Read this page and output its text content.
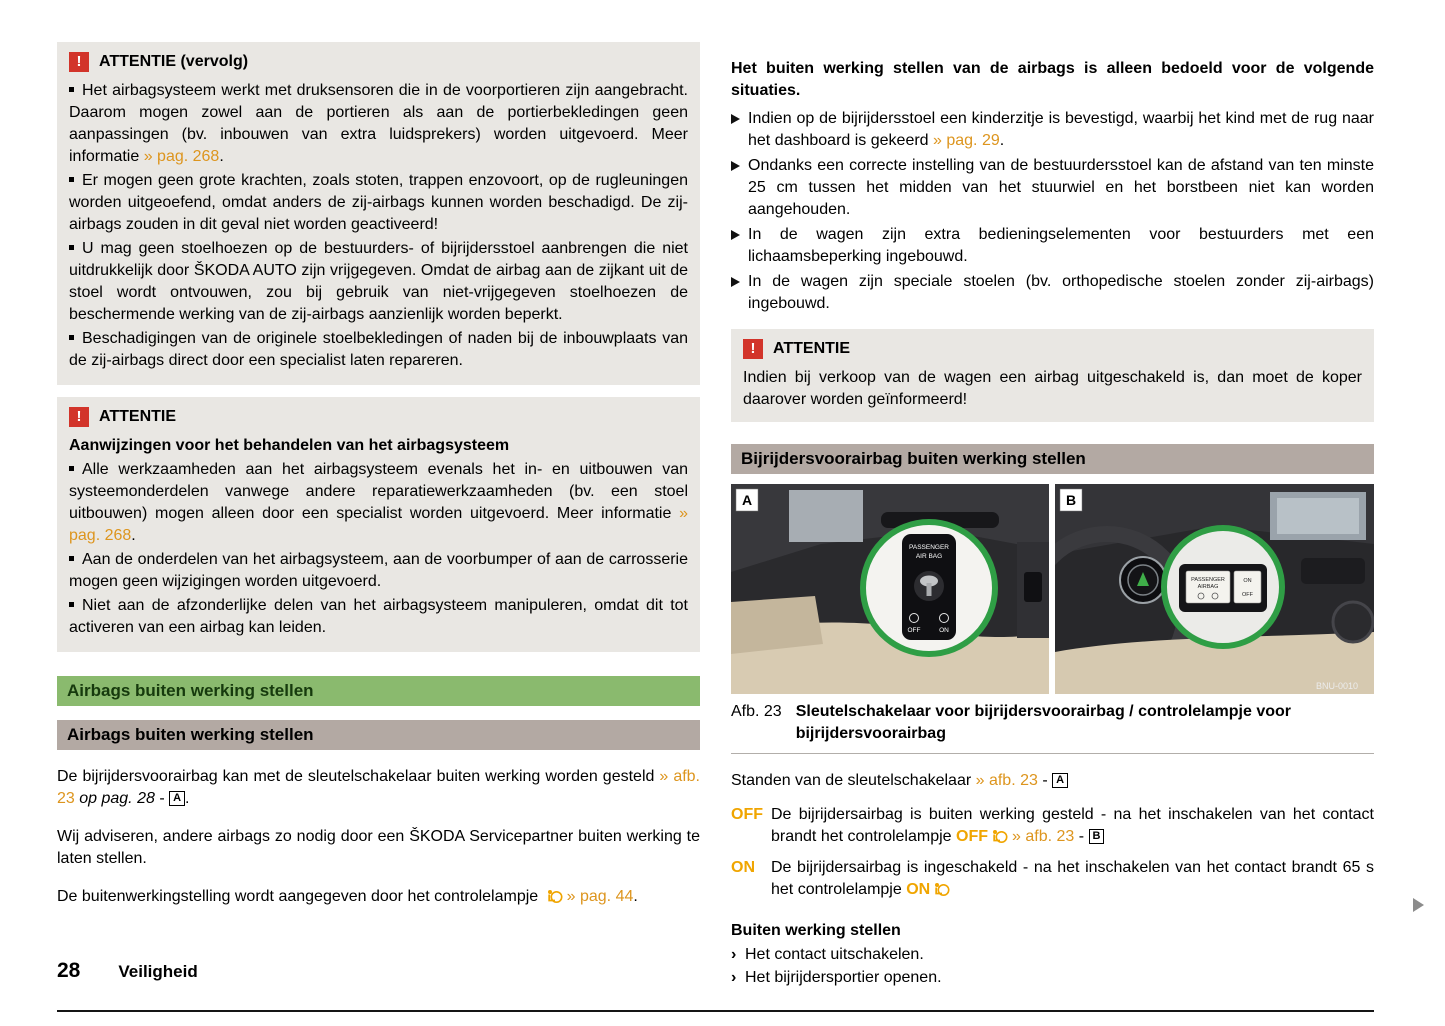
!	ATTENTIE (vervolg)
Het airbagsysteem werkt met druksensoren die in de voorportieren zijn aangebracht. Daarom mogen zowel aan de portieren als aan de portierbekledingen geen aanpassingen (bv. inbouwen van extra luidsprekers) worden uitgevoerd. Meer informatie » pag. 268.
Er mogen geen grote krachten, zoals stoten, trappen enzovoort, op de rugleuningen worden uitgeoefend, omdat anders de zij-airbags kunnen worden beschadigd. De zij-airbags zouden in dit geval niet worden geactiveerd!
U mag geen stoelhoezen op de bestuurders- of bijrijdersstoel aanbrengen die niet uitdrukkelijk door ŠKODA AUTO zijn vrijgegeven. Omdat de airbag aan de zijkant uit de stoel wordt ontvouwen, zou bij gebruik van niet-vrijgegeven stoelhoezen de beschermende werking van de zij-airbags aanzienlijk worden beperkt.
Beschadigingen van de originele stoelbekledingen of naden bij de inbouwplaats van de zij-airbags direct door een specialist laten repareren.
!	ATTENTIE
Aanwijzingen voor het behandelen van het airbagsysteem
Alle werkzaamheden aan het airbagsysteem evenals het in- en uitbouwen van systeemonderdelen vanwege andere reparatiewerkzaamheden (bv. een stoel uitbouwen) mogen alleen door een specialist worden uitgevoerd. Meer informatie » pag. 268.
Aan de onderdelen van het airbagsysteem, aan de voorbumper of aan de carrosserie mogen geen wijzigingen worden uitgevoerd.
Niet aan de afzonderlijke delen van het airbagsysteem manipuleren, omdat dit tot activeren van een airbag kan leiden.
Airbags buiten werking stellen
Airbags buiten werking stellen

De bijrijdersvoorairbag kan met de sleutelschakelaar buiten werking worden gesteld » afb. 23 op pag. 28 - A .

Wij adviseren, andere airbags zo nodig door een ŠKODA Servicepartner buiten werking te laten stellen.

De buitenwerkingstelling wordt aangegeven door het controlelampje » pag. 44.

Het buiten werking stellen van de airbags is alleen bedoeld voor de volgende situaties.

Indien op de bijrijdersstoel een kinderzitje is bevestigd, waarbij het kind met de rug naar het dashboard is gekeerd » pag. 29.
Ondanks een correcte instelling van de bestuurdersstoel kan de afstand van ten minste 25 cm tussen het midden van het stuurwiel en het borstbeen niet kan worden aangehouden.
In de wagen zijn extra bedieningselementen voor bestuurders met een lichaamsbeperking ingebouwd.
In de wagen zijn speciale stoelen (bv. orthopedische stoelen zonder zij-airbags) ingebouwd.
!	ATTENTIE
Indien bij verkoop van de wagen een airbag uitgeschakeld is, dan moet de koper daarover worden geïnformeerd!
Bijrijdersvoorairbag buiten werking stellen
PASSENGER
AIR BAG
OFF	ON
A
PASSENGER
AIRBAG
ON
OFF
B
BNU-0010
Afb. 23 Sleutelschakelaar voor bijrijdersvoorairbag / controlelampje voor bijrijdersvoorairbag

Standen van de sleutelschakelaar » afb. 23 - A

OFF De bijrijdersairbag is buiten werking gesteld - na het inschakelen van het contact brandt het controlelampje OFF » afb. 23 - B
ON	De bijrijdersairbag is ingeschakeld - na het inschakelen van het contact brandt 65 s het controlelampje ON
Buiten werking stellen
› Het contact uitschakelen.
› Het bijrijdersportier openen.
28 Veiligheid
